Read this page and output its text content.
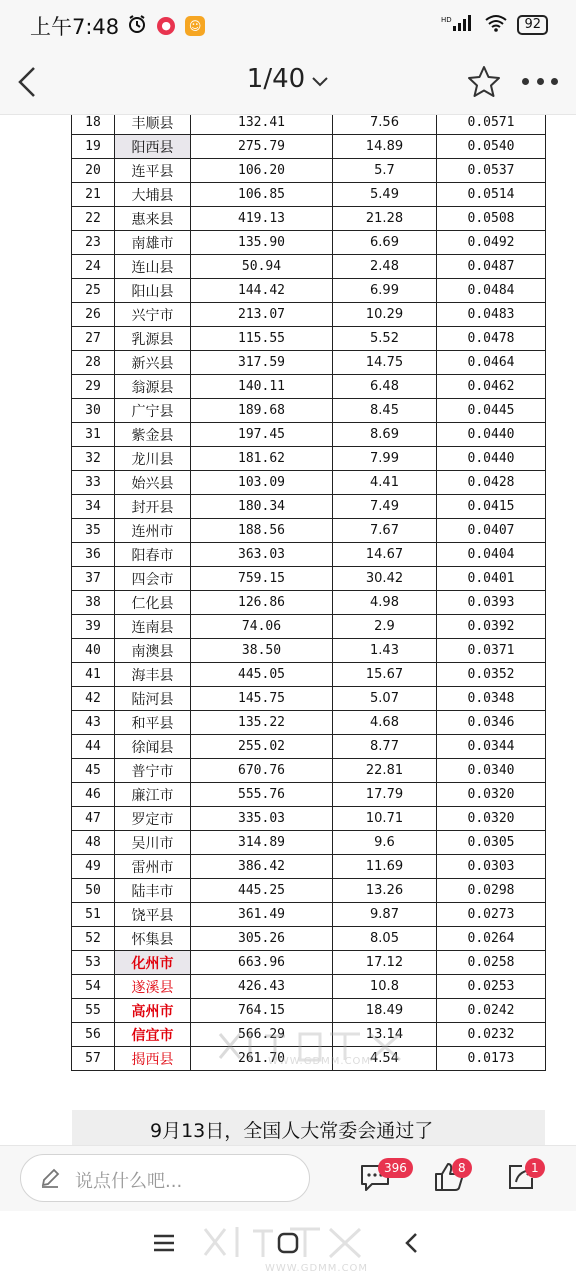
上午7:48	●	☺	HD	92
1/40
18	丰顺县	132.41	7.56	0.0571
19	阳西县	275.79	14.89	0.0540
20	连平县	106.20	5.7	0.0537
21	大埔县	106.85	5.49	0.0514
22	惠来县	419.13	21.28	0.0508
23	南雄市	135.90	6.69	0.0492
24	连山县	50.94	2.48	0.0487
25	阳山县	144.42	6.99	0.0484
26	兴宁市	213.07	10.29	0.0483
27	乳源县	115.55	5.52	0.0478
28	新兴县	317.59	14.75	0.0464
29	翁源县	140.11	6.48	0.0462
30	广宁县	189.68	8.45	0.0445
31	紫金县	197.45	8.69	0.0440
32	龙川县	181.62	7.99	0.0440
33	始兴县	103.09	4.41	0.0428
34	封开县	180.34	7.49	0.0415
35	连州市	188.56	7.67	0.0407
36	阳春市	363.03	14.67	0.0404
37	四会市	759.15	30.42	0.0401
38	仁化县	126.86	4.98	0.0393
39	连南县	74.06	2.9	0.0392
40	南澳县	38.50	1.43	0.0371
41	海丰县	445.05	15.67	0.0352
42	陆河县	145.75	5.07	0.0348
43	和平县	135.22	4.68	0.0346
44	徐闻县	255.02	8.77	0.0344
45	普宁市	670.76	22.81	0.0340
46	廉江市	555.76	17.79	0.0320
47	罗定市	335.03	10.71	0.0320
48	吴川市	314.89	9.6	0.0305
49	雷州市	386.42	11.69	0.0303
50	陆丰市	445.25	13.26	0.0298
51	饶平县	361.49	9.87	0.0273
52	怀集县	305.26	8.05	0.0264
53	化州市	663.96	17.12	0.0258
54	遂溪县	426.43	10.8	0.0253
55	高州市	764.15	18.49	0.0242
56	信宜市	566.29	13.14	0.0232
57	揭西县	261.70	4.54	0.0173
WWW.GDMM.COM
9月13日，全国人大常委会通过了
说点什么吧...
396	8	1
WWW.GDMM.COM
